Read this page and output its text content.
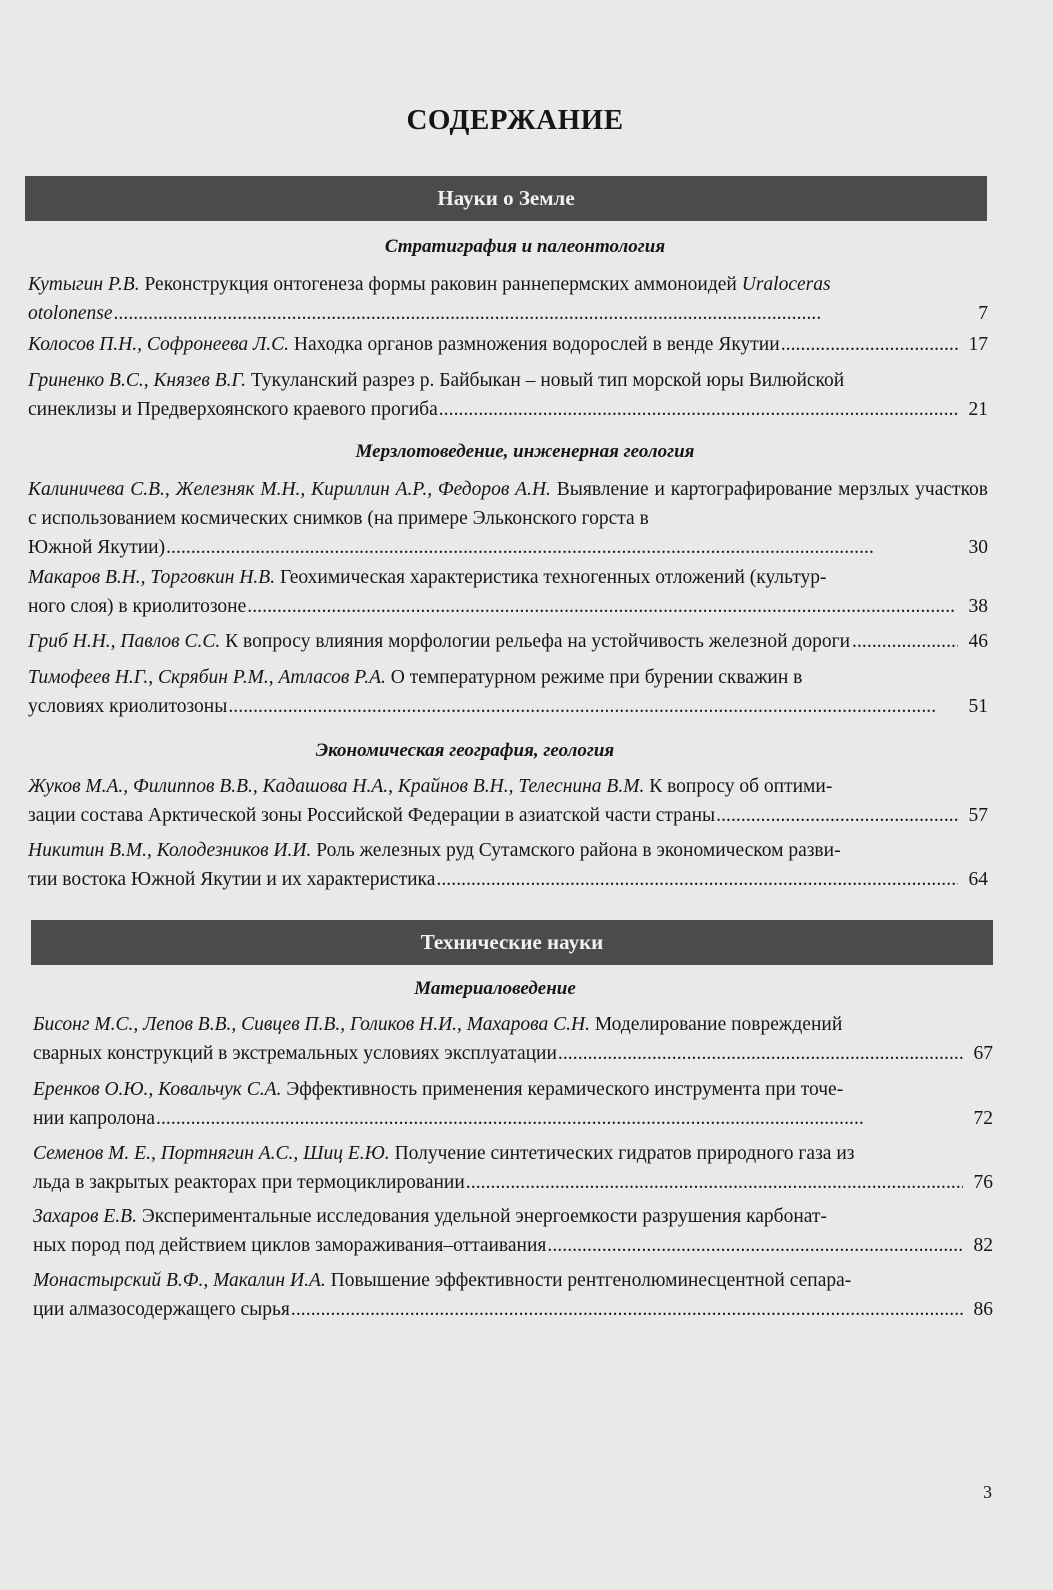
СОДЕРЖАНИЕ
Науки о Земле
Стратиграфия и палеонтология
Кутыгин Р.В. Реконструкция онтогенеза формы раковин раннепермских аммоноидей Uraloceras
otolonense . . .	7
Колосов П.Н., Софронеева Л.С. Находка органов размножения водорослей в венде Якутии . . .	17
Гриненко В.С., Князев В.Г. Тукуланский разрез р. Байбыкан – новый тип морской юры Вилюйской
синеклизы и Предверхоянского краевого прогиба . . .	21
Мерзлотоведение, инженерная геология
Калиничева С.В., Железняк М.Н., Кириллин А.Р., Федоров А.Н. Выявление и картографирование мерзлых участков с использованием космических снимков (на примере Эльконского горста в
Южной Якутии) . . .	30
Макаров В.Н., Торговкин Н.В. Геохимическая характеристика техногенных отложений (культур-
ного слоя) в криолитозоне . . .	38
Гриб Н.Н., Павлов С.С. К вопросу влияния морфологии рельефа на устойчивость железной дороги . . .	46
Тимофеев Н.Г., Скрябин Р.М., Атласов Р.А. О температурном режиме при бурении скважин в
условиях криолитозоны . . .	51
Экономическая география, геология
Жуков М.А., Филиппов В.В., Кадашова Н.А., Крайнов В.Н., Телеснина В.М. К вопросу об оптими-
зации состава Арктической зоны Российской Федерации в азиатской части страны . . .	57
Никитин В.М., Колодезников И.И. Роль железных руд Сутамского района в экономическом разви-
тии востока Южной Якутии и их характеристика . . .	64
Технические науки
Материаловедение
Бисонг М.С., Лепов В.В., Сивцев П.В., Голиков Н.И., Махарова С.Н. Моделирование повреждений
сварных конструкций в экстремальных условиях эксплуатации . . .	67
Еренков О.Ю., Ковальчук С.А. Эффективность применения керамического инструмента при точе-
нии капролона . . .	72
Семенов М. Е., Портнягин А.С., Шиц Е.Ю. Получение синтетических гидратов природного газа из
льда в закрытых реакторах при термоциклировании . . .	76
Захаров Е.В. Экспериментальные исследования удельной энергоемкости разрушения карбонат-
ных пород под действием циклов замораживания–оттаивания . . .	82
Монастырский В.Ф., Макалин И.А. Повышение эффективности рентгенолюминесцентной сепара-
ции алмазосодержащего сырья . . .	86
3
